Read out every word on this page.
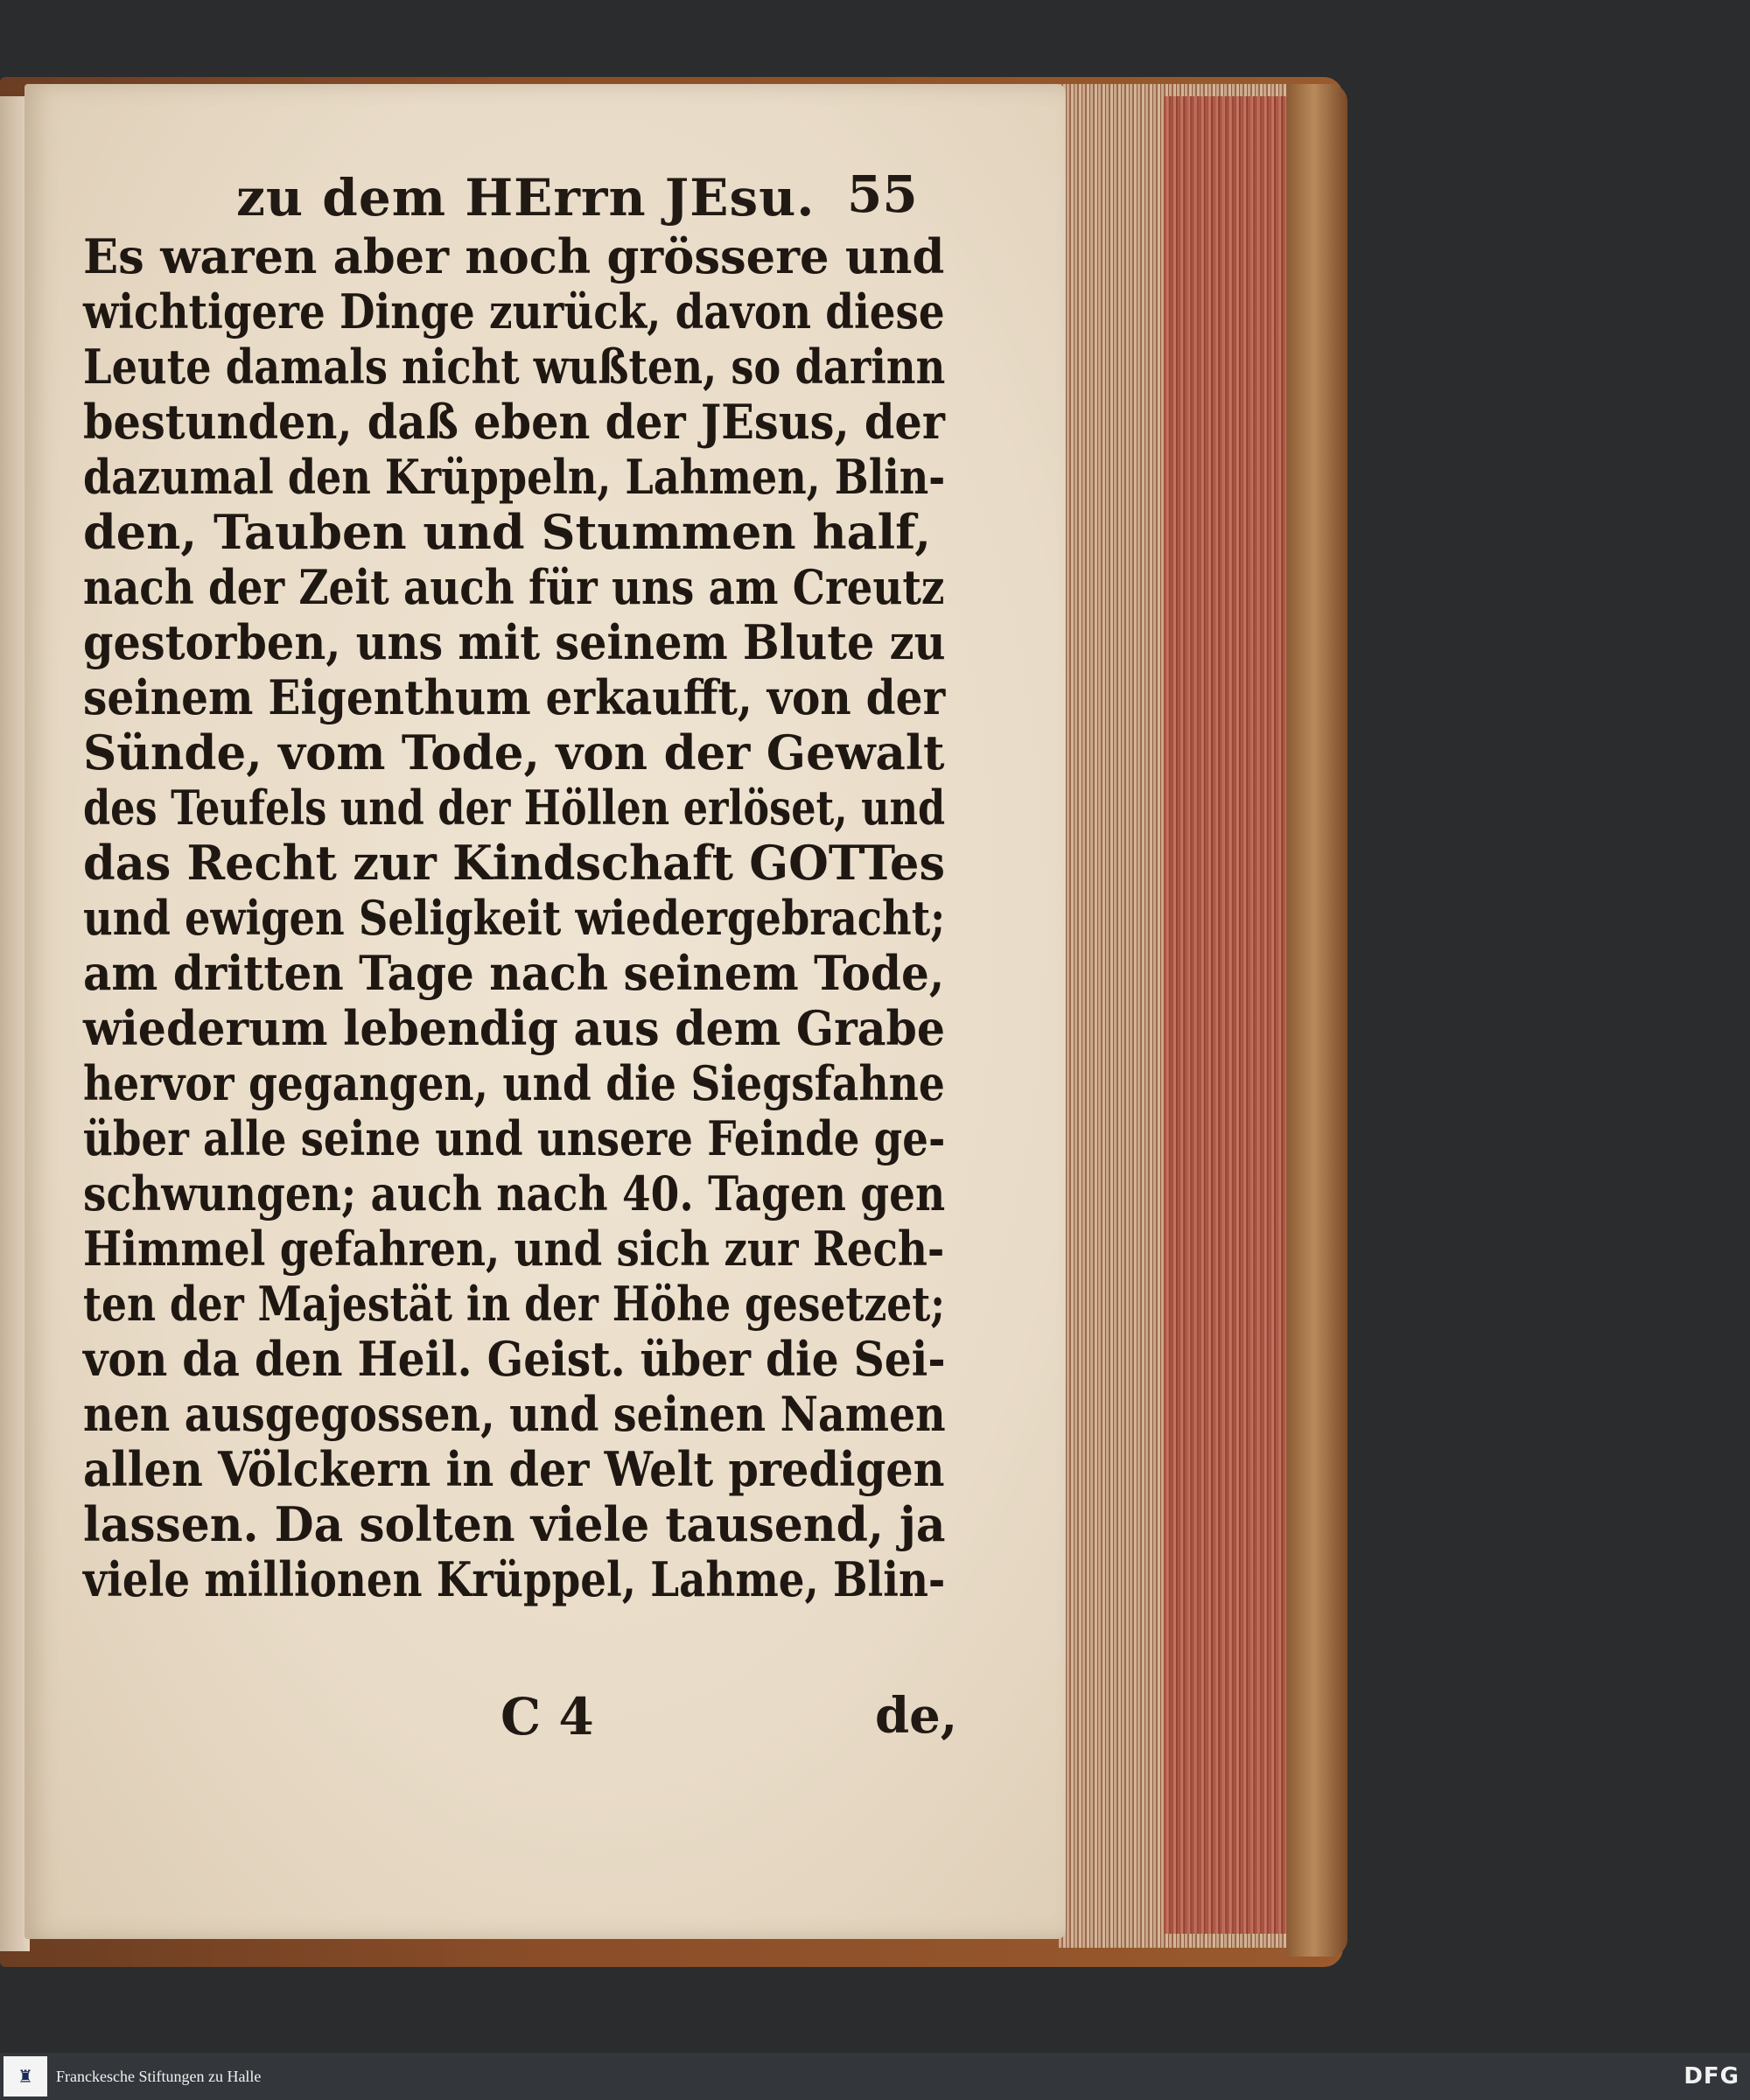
zu dem HErrn JEsu. 55
Es waren aber noch grössere und
wichtigere Dinge zurück, davon diese
Leute damals nicht wußten, so darinn
bestunden, daß eben der JEsus, der
dazumal den Krüppeln, Lahmen, Blin-
den, Tauben und Stummen half,
nach der Zeit auch für uns am Creutz
gestorben, uns mit seinem Blute zu
seinem Eigenthum erkaufft, von der
Sünde, vom Tode, von der Gewalt
des Teufels und der Höllen erlöset, und
das Recht zur Kindschaft GOTTes
und ewigen Seligkeit wiedergebracht;
am dritten Tage nach seinem Tode,
wiederum lebendig aus dem Grabe
hervor gegangen, und die Siegsfahne
über alle seine und unsere Feinde ge-
schwungen; auch nach 40. Tagen gen
Himmel gefahren, und sich zur Rech-
ten der Majestät in der Höhe gesetzet;
von da den Heil. Geist. über die Sei-
nen ausgegossen, und seinen Namen
allen Völckern in der Welt predigen
lassen. Da solten viele tausend, ja
viele millionen Krüppel, Lahme, Blin-
C 4	de,
♜ Franckesche Stiftungen zu Halle	DFG
